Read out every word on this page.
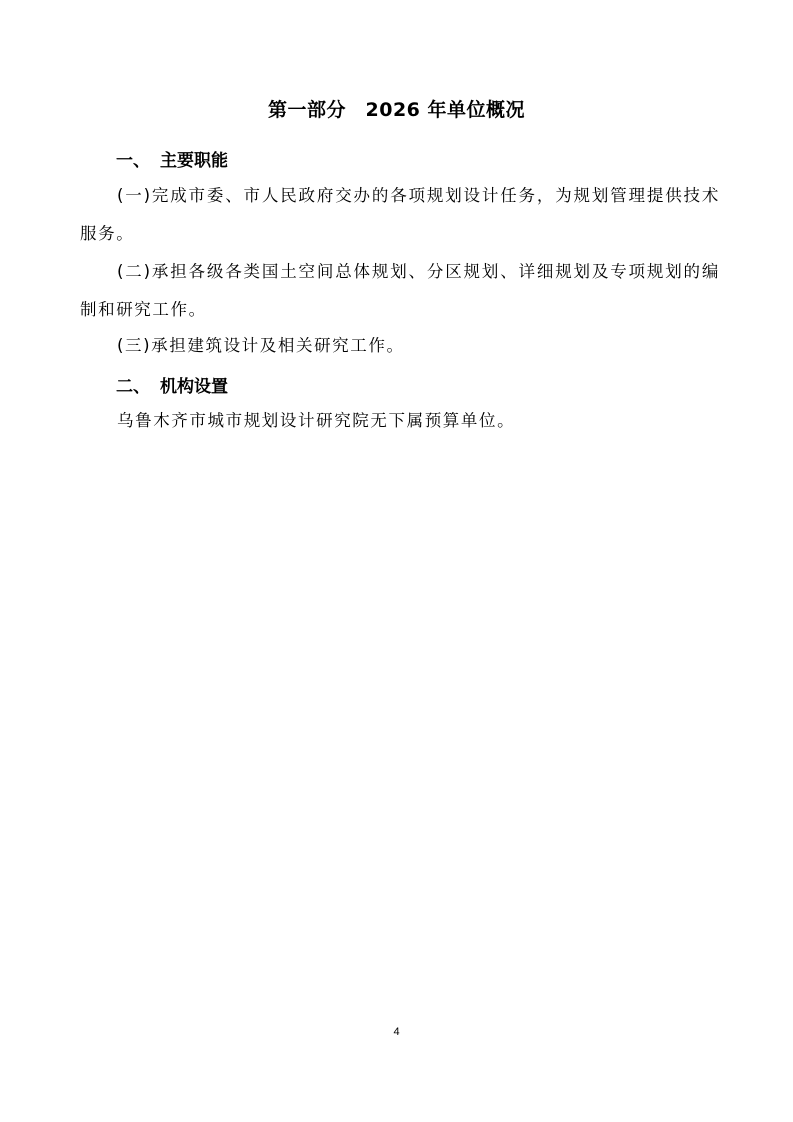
第一部分　2026 年单位概况
一、 主要职能
(一)完成市委、市人民政府交办的各项规划设计任务，为规划管理提供技术服务。
(二)承担各级各类国土空间总体规划、分区规划、详细规划及专项规划的编制和研究工作。
(三)承担建筑设计及相关研究工作。
二、 机构设置
乌鲁木齐市城市规划设计研究院无下属预算单位。
4
